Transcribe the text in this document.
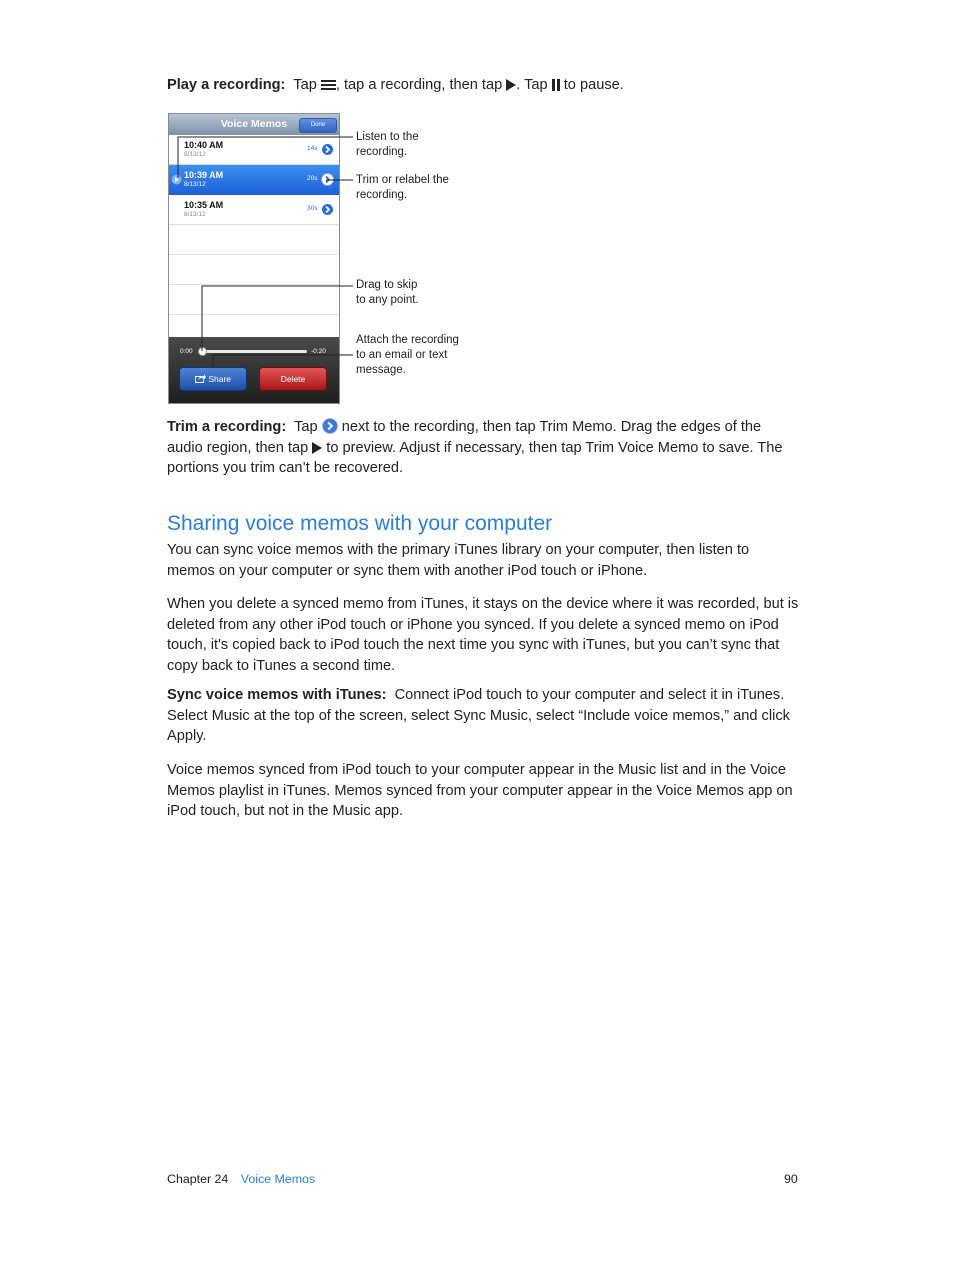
Play a recording: Tap , tap a recording, then tap . Tap  to pause.

Voice Memos	Done
10:40 AM
8/13/12
14s
10:39 AM
8/13/12
20s
10:35 AM
8/13/12
30s
0:00	-0:20
Share	Delete

Listen to the
recording.

Trim or relabel the
recording.

Drag to skip
to any point.

Attach the recording
to an email or text
message.

Trim a recording: Tap  next to the recording, then tap Trim Memo. Drag the edges of the audio region, then tap  to preview. Adjust if necessary, then tap Trim Voice Memo to save. The portions you trim can’t be recovered.

Sharing voice memos with your computer

You can sync voice memos with the primary iTunes library on your computer, then listen to memos on your computer or sync them with another iPod touch or iPhone.

When you delete a synced memo from iTunes, it stays on the device where it was recorded, but is deleted from any other iPod touch or iPhone you synced. If you delete a synced memo on iPod touch, it's copied back to iPod touch the next time you sync with iTunes, but you can’t sync that copy back to iTunes a second time.

Sync voice memos with iTunes: Connect iPod touch to your computer and select it in iTunes. Select Music at the top of the screen, select Sync Music, select “Include voice memos,” and click Apply.

Voice memos synced from iPod touch to your computer appear in the Music list and in the Voice Memos playlist in iTunes. Memos synced from your computer appear in the Voice Memos app on iPod touch, but not in the Music app.

Chapter 24 Voice Memos	90
